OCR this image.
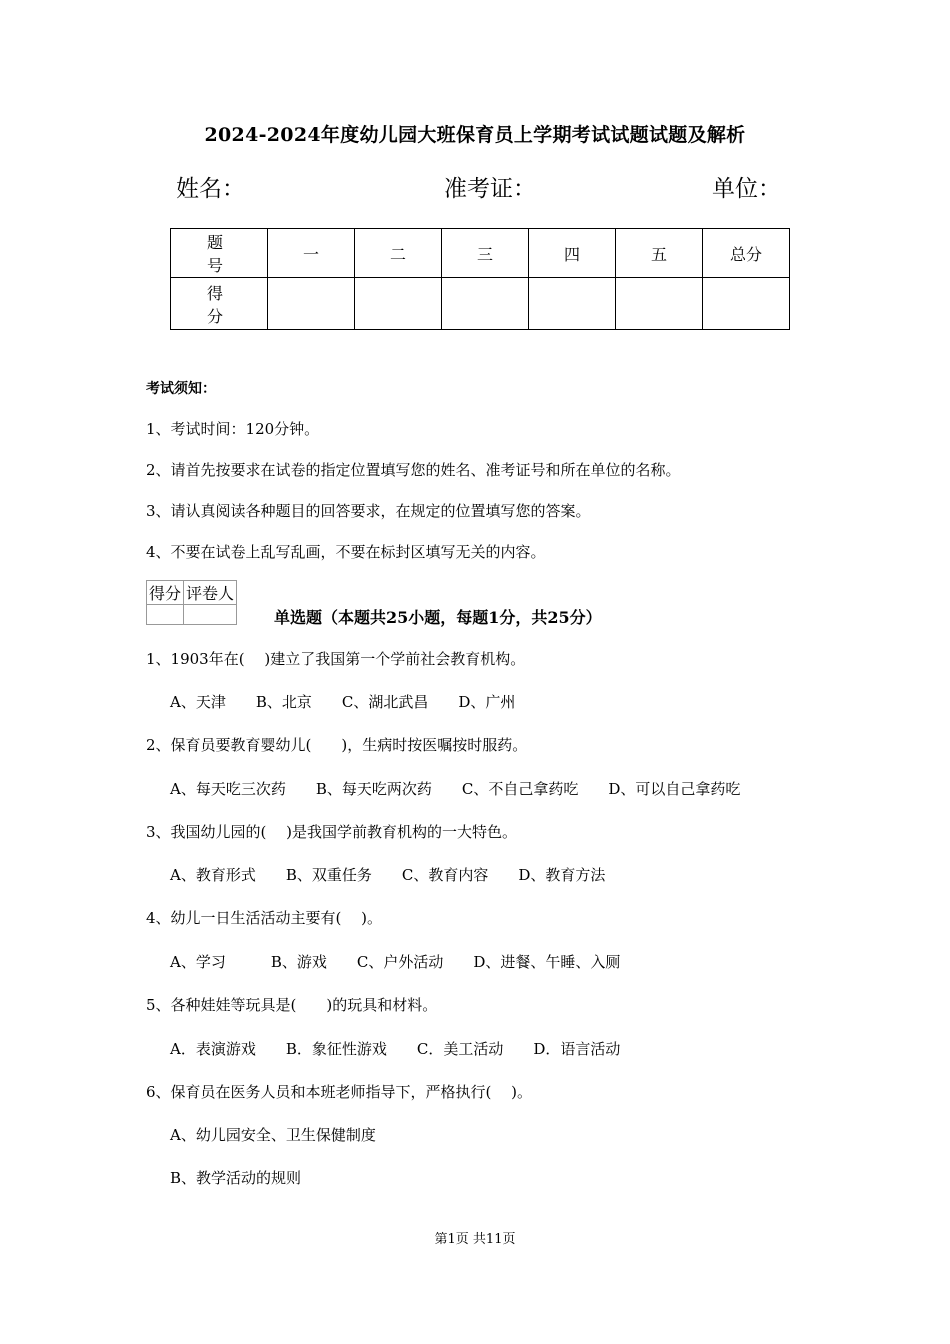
2024-2024年度幼儿园大班保育员上学期考试试题试题及解析
姓名：	准考证：	单位：
题　号	一	二	三	四	五	总分
得　分						
考试须知：
1、考试时间：120分钟。
2、请首先按要求在试卷的指定位置填写您的姓名、准考证号和所在单位的名称。
3、请认真阅读各种题目的回答要求，在规定的位置填写您的答案。
4、不要在试卷上乱写乱画，不要在标封区填写无关的内容。
得分	评卷人

单选题（本题共25小题，每题1分，共25分）
1、1903年在(　 )建立了我国第一个学前社会教育机构。
A、天津　　B、北京　　C、湖北武昌　　D、广州
2、保育员要教育婴幼儿(　　)，生病时按医嘱按时服药。
A、每天吃三次药　　B、每天吃两次药　　C、不自己拿药吃　　D、可以自己拿药吃
3、我国幼儿园的(　 )是我国学前教育机构的一大特色。
A、教育形式　　B、双重任务　　C、教育内容　　D、教育方法
4、幼儿一日生活活动主要有(　 )。
A、学习　　　B、游戏　　C、户外活动　　D、进餐、午睡、入厕
5、各种娃娃等玩具是(　　)的玩具和材料。
A．表演游戏　　B．象征性游戏　　C．美工活动　　D．语言活动
6、保育员在医务人员和本班老师指导下，严格执行(　 )。
A、幼儿园安全、卫生保健制度
B、教学活动的规则
第1页 共11页
